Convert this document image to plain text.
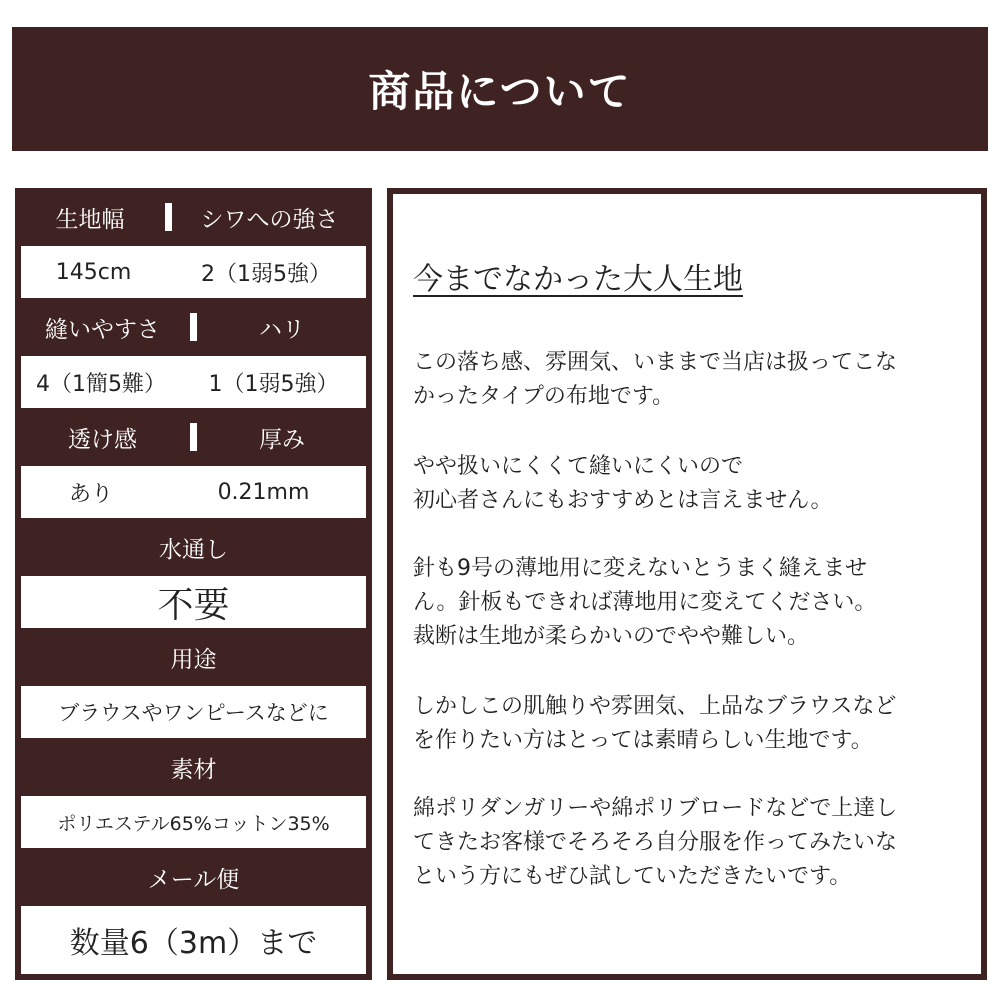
商品について
生地幅	シワへの強さ
145cm	2（1弱5強）
縫いやすさ	ハリ
4（1簡5難）	1（1弱5強）
透け感	厚み
あり	0.21mm
水通し
不要
用途
ブラウスやワンピースなどに
素材
ポリエステル65%コットン35%
メール便
数量6（3m）まで
今までなかった大人生地
この落ち感、雰囲気、いままで当店は扱ってこな
かったタイプの布地です。
やや扱いにくくて縫いにくいので
初心者さんにもおすすめとは言えません。
針も9号の薄地用に変えないとうまく縫えませ
ん。針板もできれば薄地用に変えてください。
裁断は生地が柔らかいのでやや難しい。
しかしこの肌触りや雰囲気、上品なブラウスなど
を作りたい方はとっては素晴らしい生地です。
綿ポリダンガリーや綿ポリブロードなどで上達し
てきたお客様でそろそろ自分服を作ってみたいな
という方にもぜひ試していただきたいです。
